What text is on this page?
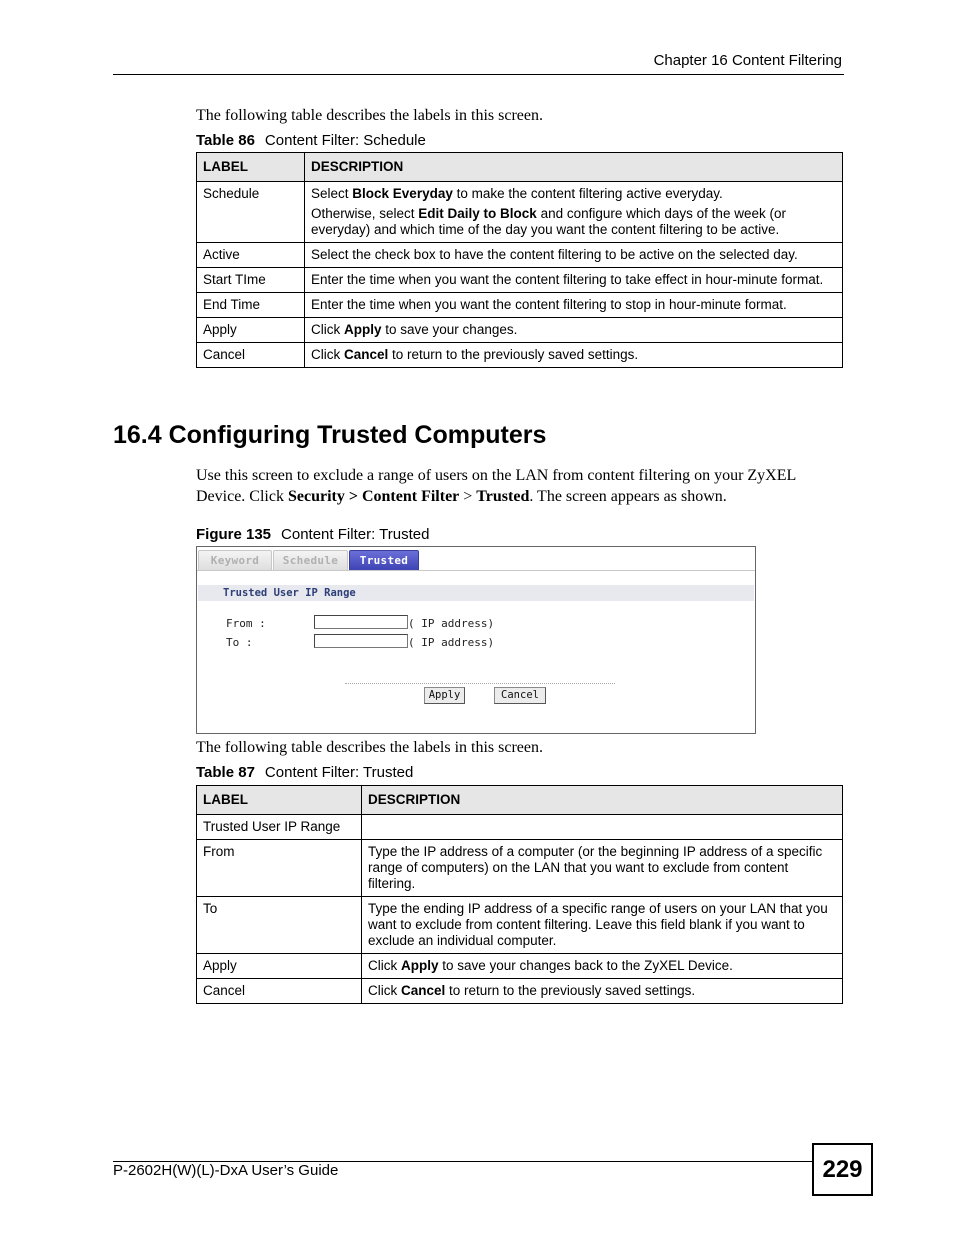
Chapter 16 Content Filtering
The following table describes the labels in this screen.
Table 86 Content Filter: Schedule
LABEL	DESCRIPTION
Schedule	Select Block Everyday to make the content filtering active everyday.

Otherwise, select Edit Daily to Block and configure which days of the week (or everyday) and which time of the day you want the content filtering to be active.

Active	Select the check box to have the content filtering to be active on the selected day.
Start TIme	Enter the time when you want the content filtering to take effect in hour-minute format.
End Time	Enter the time when you want the content filtering to stop in hour-minute format.
Apply	Click Apply to save your changes.
Cancel	Click Cancel to return to the previously saved settings.
16.4 Configuring Trusted Computers
Use this screen to exclude a range of users on the LAN from content filtering on your ZyXEL Device. Click Security > Content Filter > Trusted. The screen appears as shown.
Figure 135 Content Filter: Trusted
Keyword	Schedule	Trusted
Trusted User IP Range
From :	( IP address)
To :	( IP address)
Apply	Cancel
The following table describes the labels in this screen.
Table 87 Content Filter: Trusted
LABEL	DESCRIPTION
Trusted User IP Range	
From	Type the IP address of a computer (or the beginning IP address of a specific range of computers) on the LAN that you want to exclude from content filtering.
To	Type the ending IP address of a specific range of users on your LAN that you want to exclude from content filtering. Leave this field blank if you want to exclude an individual computer.
Apply	Click Apply to save your changes back to the ZyXEL Device.
Cancel	Click Cancel to return to the previously saved settings.
P-2602H(W)(L)-DxA User’s Guide	229
